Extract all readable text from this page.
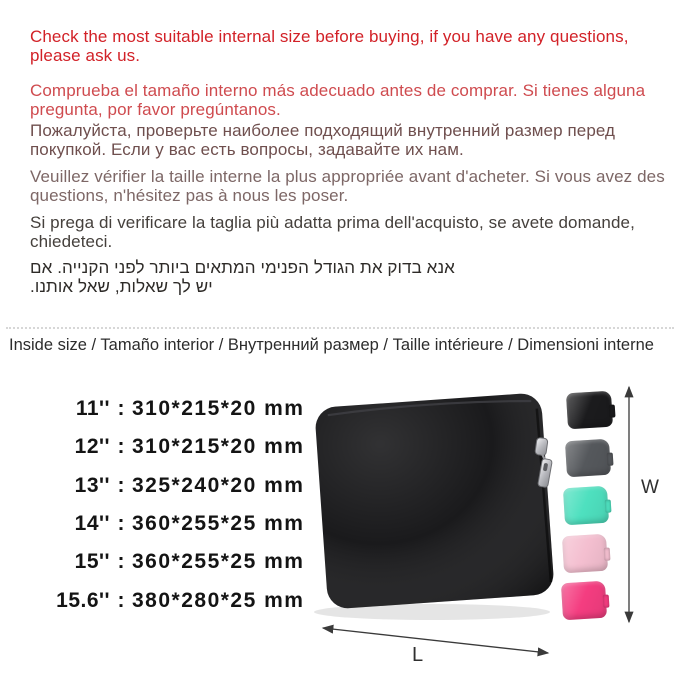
Check the most suitable internal size before buying, if you have any questions, please ask us.

Comprueba el tamaño interno más adecuado antes de comprar. Si tienes alguna pregunta, por favor pregúntanos.

Пожалуйста, проверьте наиболее подходящий внутренний размер перед покупкой. Если у вас есть вопросы, задавайте их нам.

Veuillez vérifier la taille interne la plus appropriée avant d'acheter. Si vous avez des questions, n'hésitez pas à nous les poser.

Si prega di verificare la taglia più adatta prima dell'acquisto, se avete domande, chiedeteci.

אנא בדוק את הגודל הפנימי המתאים ביותר לפני הקנייה. אם יש לך שאלות, שאל אותנו.

Inside size / Tamaño interior / Внутренний размер / Taille intérieure / Dimensioni interne
11'' : 310*215*20 mm
12'' : 310*215*20 mm
13'' : 325*240*20 mm
14'' : 360*255*25 mm
15'' : 360*255*25 mm
15.6'' : 380*280*25 mm
W
L
